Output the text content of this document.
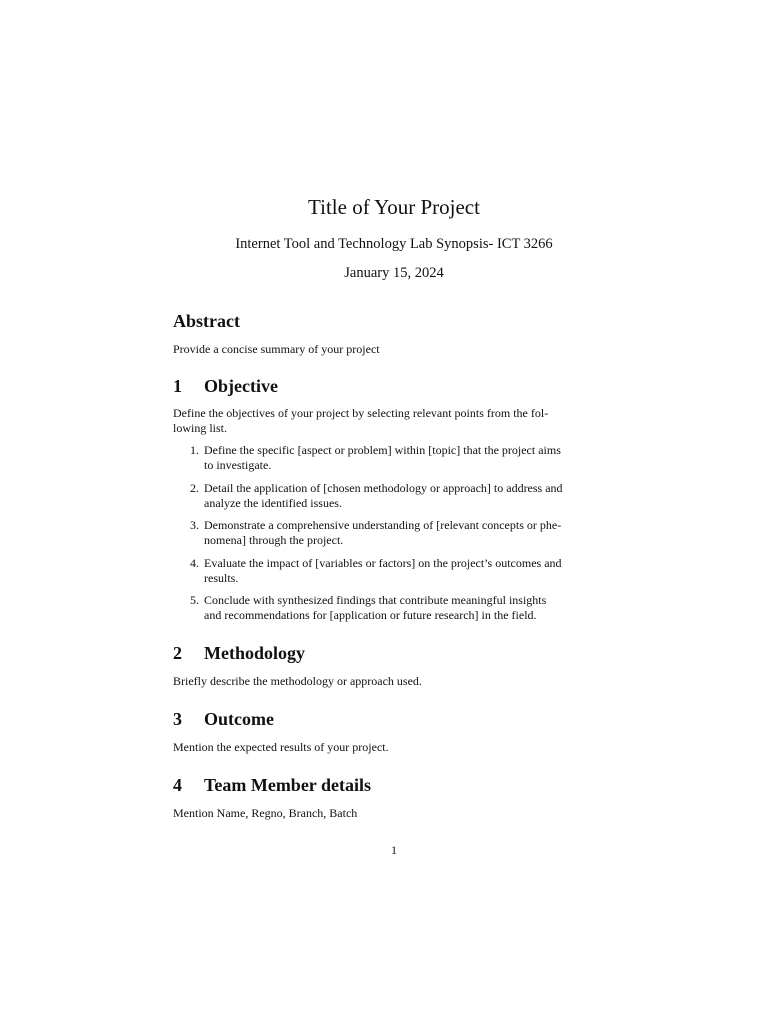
Title of Your Project
Internet Tool and Technology Lab Synopsis- ICT 3266
January 15, 2024
Abstract
Provide a concise summary of your project
1 Objective
Define the objectives of your project by selecting relevant points from the fol-
lowing list.
1. Define the specific [aspect or problem] within [topic] that the project aims
to investigate.
2. Detail the application of [chosen methodology or approach] to address and
analyze the identified issues.
3. Demonstrate a comprehensive understanding of [relevant concepts or phe-
nomena] through the project.
4. Evaluate the impact of [variables or factors] on the project’s outcomes and
results.
5. Conclude with synthesized findings that contribute meaningful insights
and recommendations for [application or future research] in the field.
2 Methodology
Briefly describe the methodology or approach used.
3 Outcome
Mention the expected results of your project.
4 Team Member details
Mention Name, Regno, Branch, Batch
1
